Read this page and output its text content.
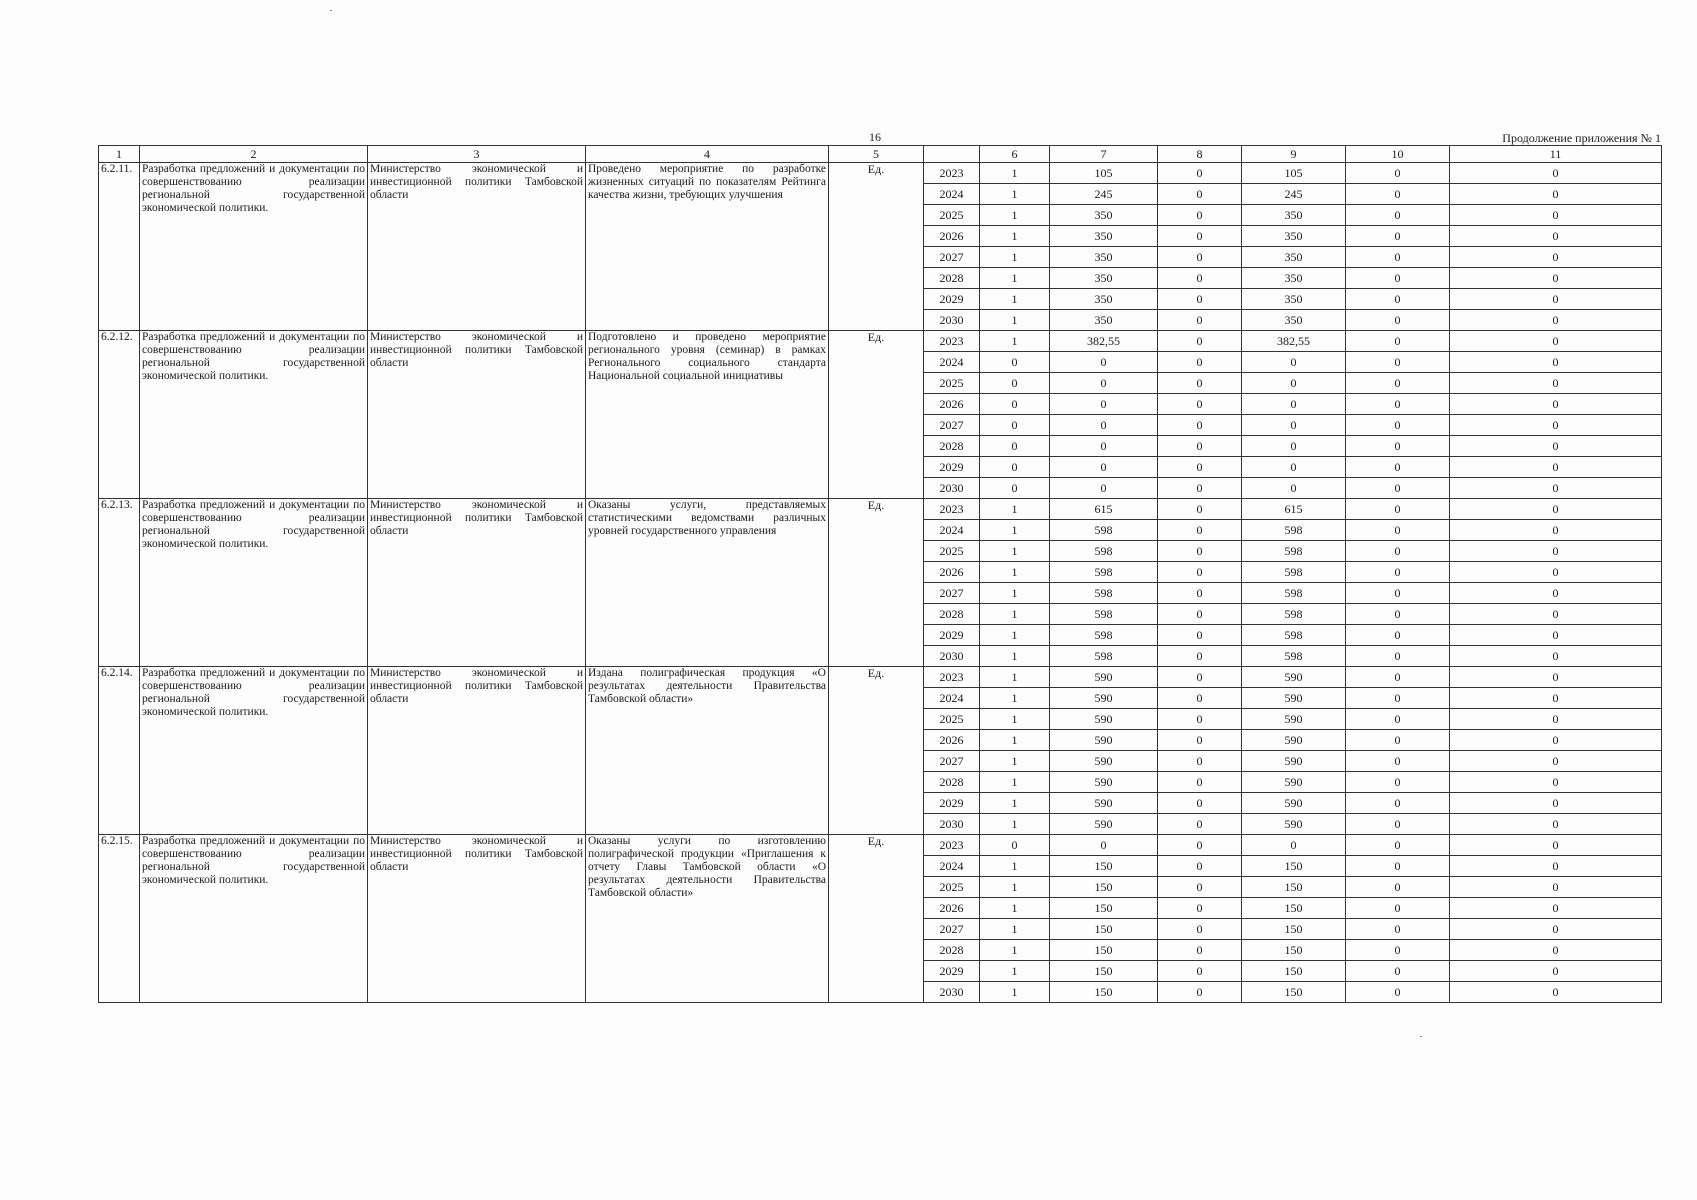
16	Продолжение приложения № 1
1	2	3	4	5		6	7	8	9	10	11
6.2.11.	Разработка предложений и документации по совершенствованию реализации региональной государственной экономической политики.	Министерство экономической и инвестиционной политики Тамбовской области	Проведено мероприятие по разработке жизненных ситуаций по показателям Рейтинга качества жизни, требующих улучшения	Ед.	2023	1	105	0	105	0	0
					2024	1	245	0	245	0	0
					2025	1	350	0	350	0	0
					2026	1	350	0	350	0	0
					2027	1	350	0	350	0	0
					2028	1	350	0	350	0	0
					2029	1	350	0	350	0	0
					2030	1	350	0	350	0	0
6.2.12.	Разработка предложений и документации по совершенствованию реализации региональной государственной экономической политики.	Министерство экономической и инвестиционной политики Тамбовской области	Подготовлено и проведено мероприятие регионального уровня (семинар) в рамках Регионального социального стандарта Национальной социальной инициативы	Ед.	2023	1	382,55	0	382,55	0	0
					2024	0	0	0	0	0	0
					2025	0	0	0	0	0	0
					2026	0	0	0	0	0	0
					2027	0	0	0	0	0	0
					2028	0	0	0	0	0	0
					2029	0	0	0	0	0	0
					2030	0	0	0	0	0	0
6.2.13.	Разработка предложений и документации по совершенствованию реализации региональной государственной экономической политики.	Министерство экономической и инвестиционной политики Тамбовской области	Оказаны услуги, представляемых статистическими ведомствами различных уровней государственного управления	Ед.	2023	1	615	0	615	0	0
					2024	1	598	0	598	0	0
					2025	1	598	0	598	0	0
					2026	1	598	0	598	0	0
					2027	1	598	0	598	0	0
					2028	1	598	0	598	0	0
					2029	1	598	0	598	0	0
					2030	1	598	0	598	0	0
6.2.14.	Разработка предложений и документации по совершенствованию реализации региональной государственной экономической политики.	Министерство экономической и инвестиционной политики Тамбовской области	Издана полиграфическая продукция «О результатах деятельности Правительства Тамбовской области»	Ед.	2023	1	590	0	590	0	0
					2024	1	590	0	590	0	0
					2025	1	590	0	590	0	0
					2026	1	590	0	590	0	0
					2027	1	590	0	590	0	0
					2028	1	590	0	590	0	0
					2029	1	590	0	590	0	0
					2030	1	590	0	590	0	0
6.2.15.	Разработка предложений и документации по совершенствованию реализации региональной государственной экономической политики.	Министерство экономической и инвестиционной политики Тамбовской области	Оказаны услуги по изготовлению полиграфической продукции «Приглашения к отчету Главы Тамбовской области «О результатах деятельности Правительства Тамбовской области»	Ед.	2023	0	0	0	0	0	0
					2024	1	150	0	150	0	0
					2025	1	150	0	150	0	0
					2026	1	150	0	150	0	0
					2027	1	150	0	150	0	0
					2028	1	150	0	150	0	0
					2029	1	150	0	150	0	0
					2030	1	150	0	150	0	0
